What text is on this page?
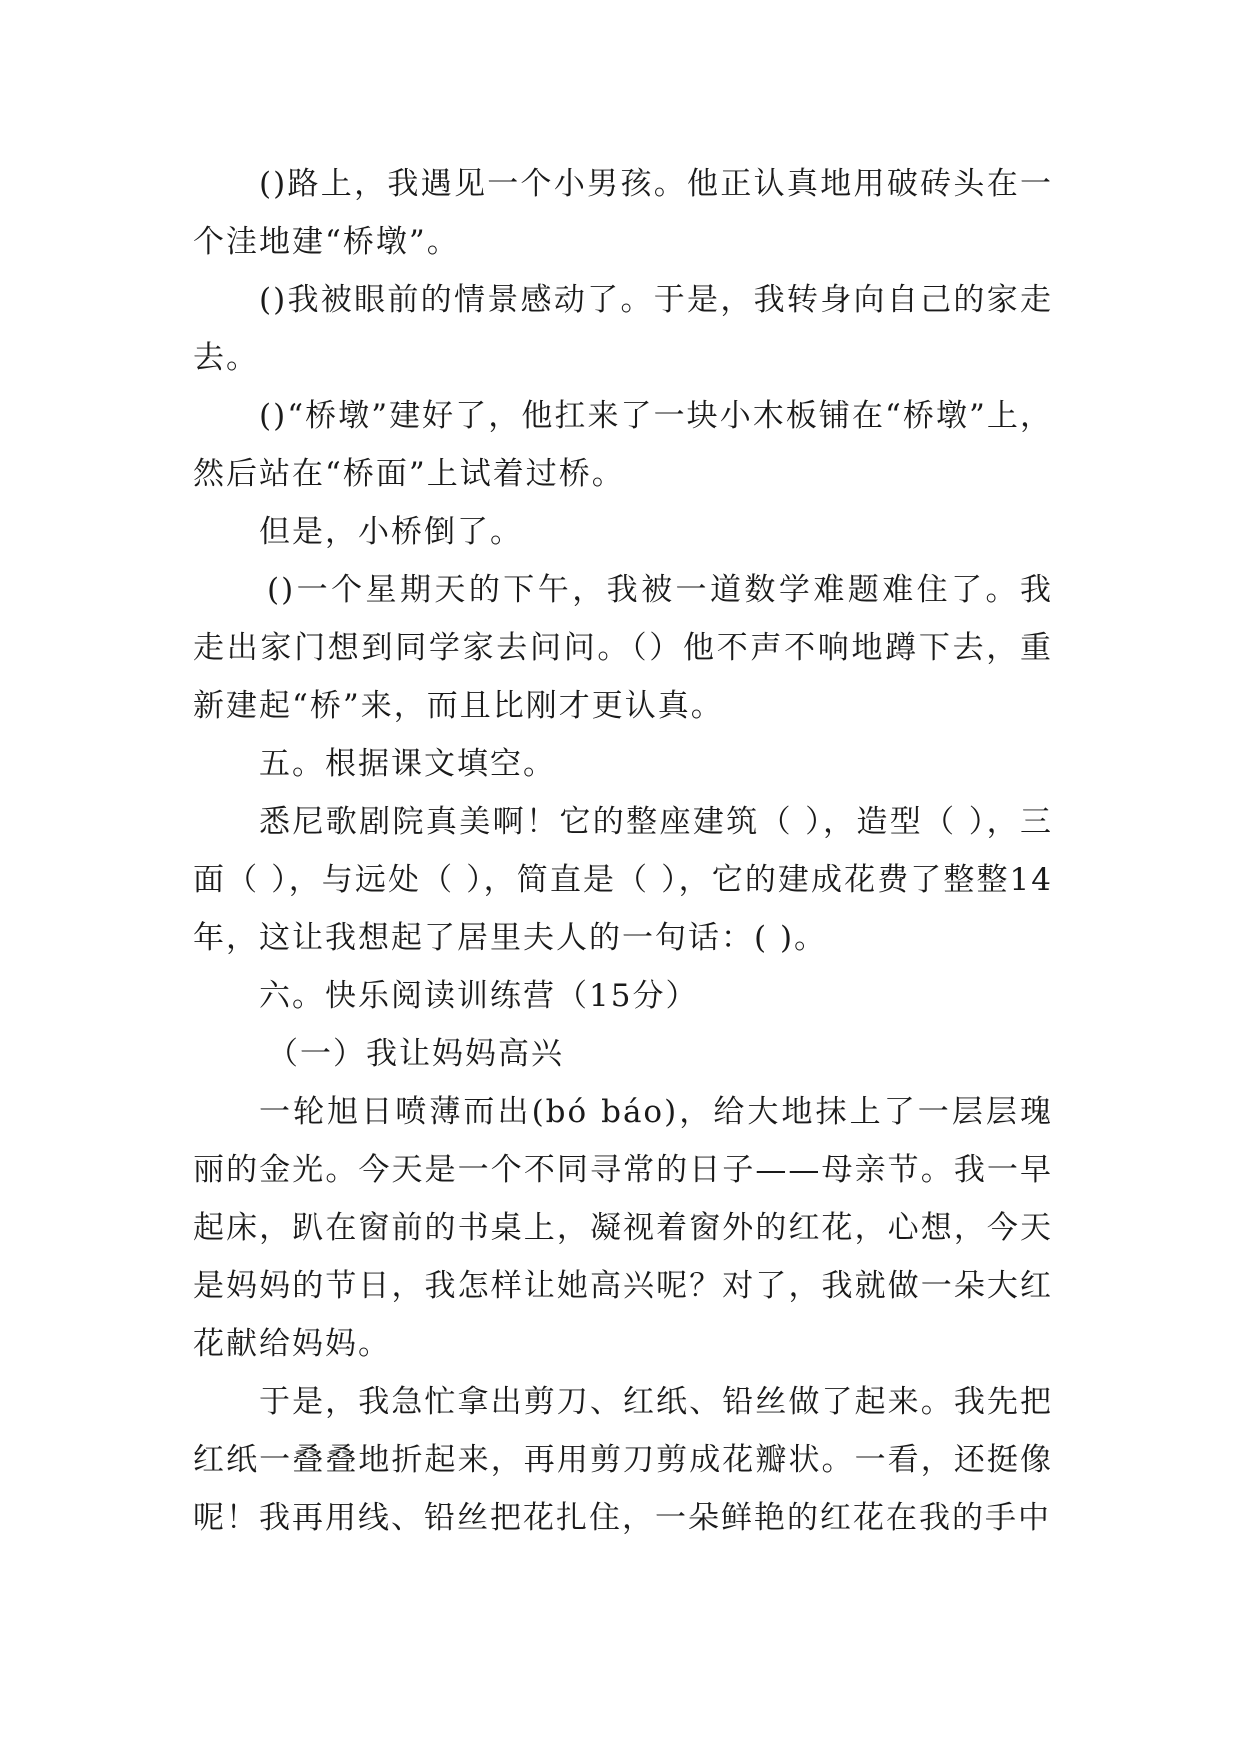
()路上，我遇见一个小男孩。他正认真地用破砖头在一个洼地建“桥墩”。

()我被眼前的情景感动了。于是，我转身向自己的家走去。

()“桥墩”建好了，他扛来了一块小木板铺在“桥墩”上，然后站在“桥面”上试着过桥。

但是，小桥倒了。

()一个星期天的下午，我被一道数学难题难住了。我走出家门想到同学家去问问。（）他不声不响地蹲下去，重新建起“桥”来，而且比刚才更认真。

五。根据课文填空。

悉尼歌剧院真美啊！它的整座建筑（ ），造型（ ），三面（ ），与远处（ ），简直是（ ），它的建成花费了整整14年，这让我想起了居里夫人的一句话：( )。

六。快乐阅读训练营（15分）

（一）我让妈妈高兴

一轮旭日喷薄而出(bó báo)，给大地抹上了一层层瑰丽的金光。今天是一个不同寻常的日子——母亲节。我一早起床，趴在窗前的书桌上，凝视着窗外的红花，心想，今天是妈妈的节日，我怎样让她高兴呢？对了，我就做一朵大红花献给妈妈。

于是，我急忙拿出剪刀、红纸、铅丝做了起来。我先把红纸一叠叠地折起来，再用剪刀剪成花瓣状。一看，还挺像呢！我再用线、铅丝把花扎住，一朵鲜艳的红花在我的手中
